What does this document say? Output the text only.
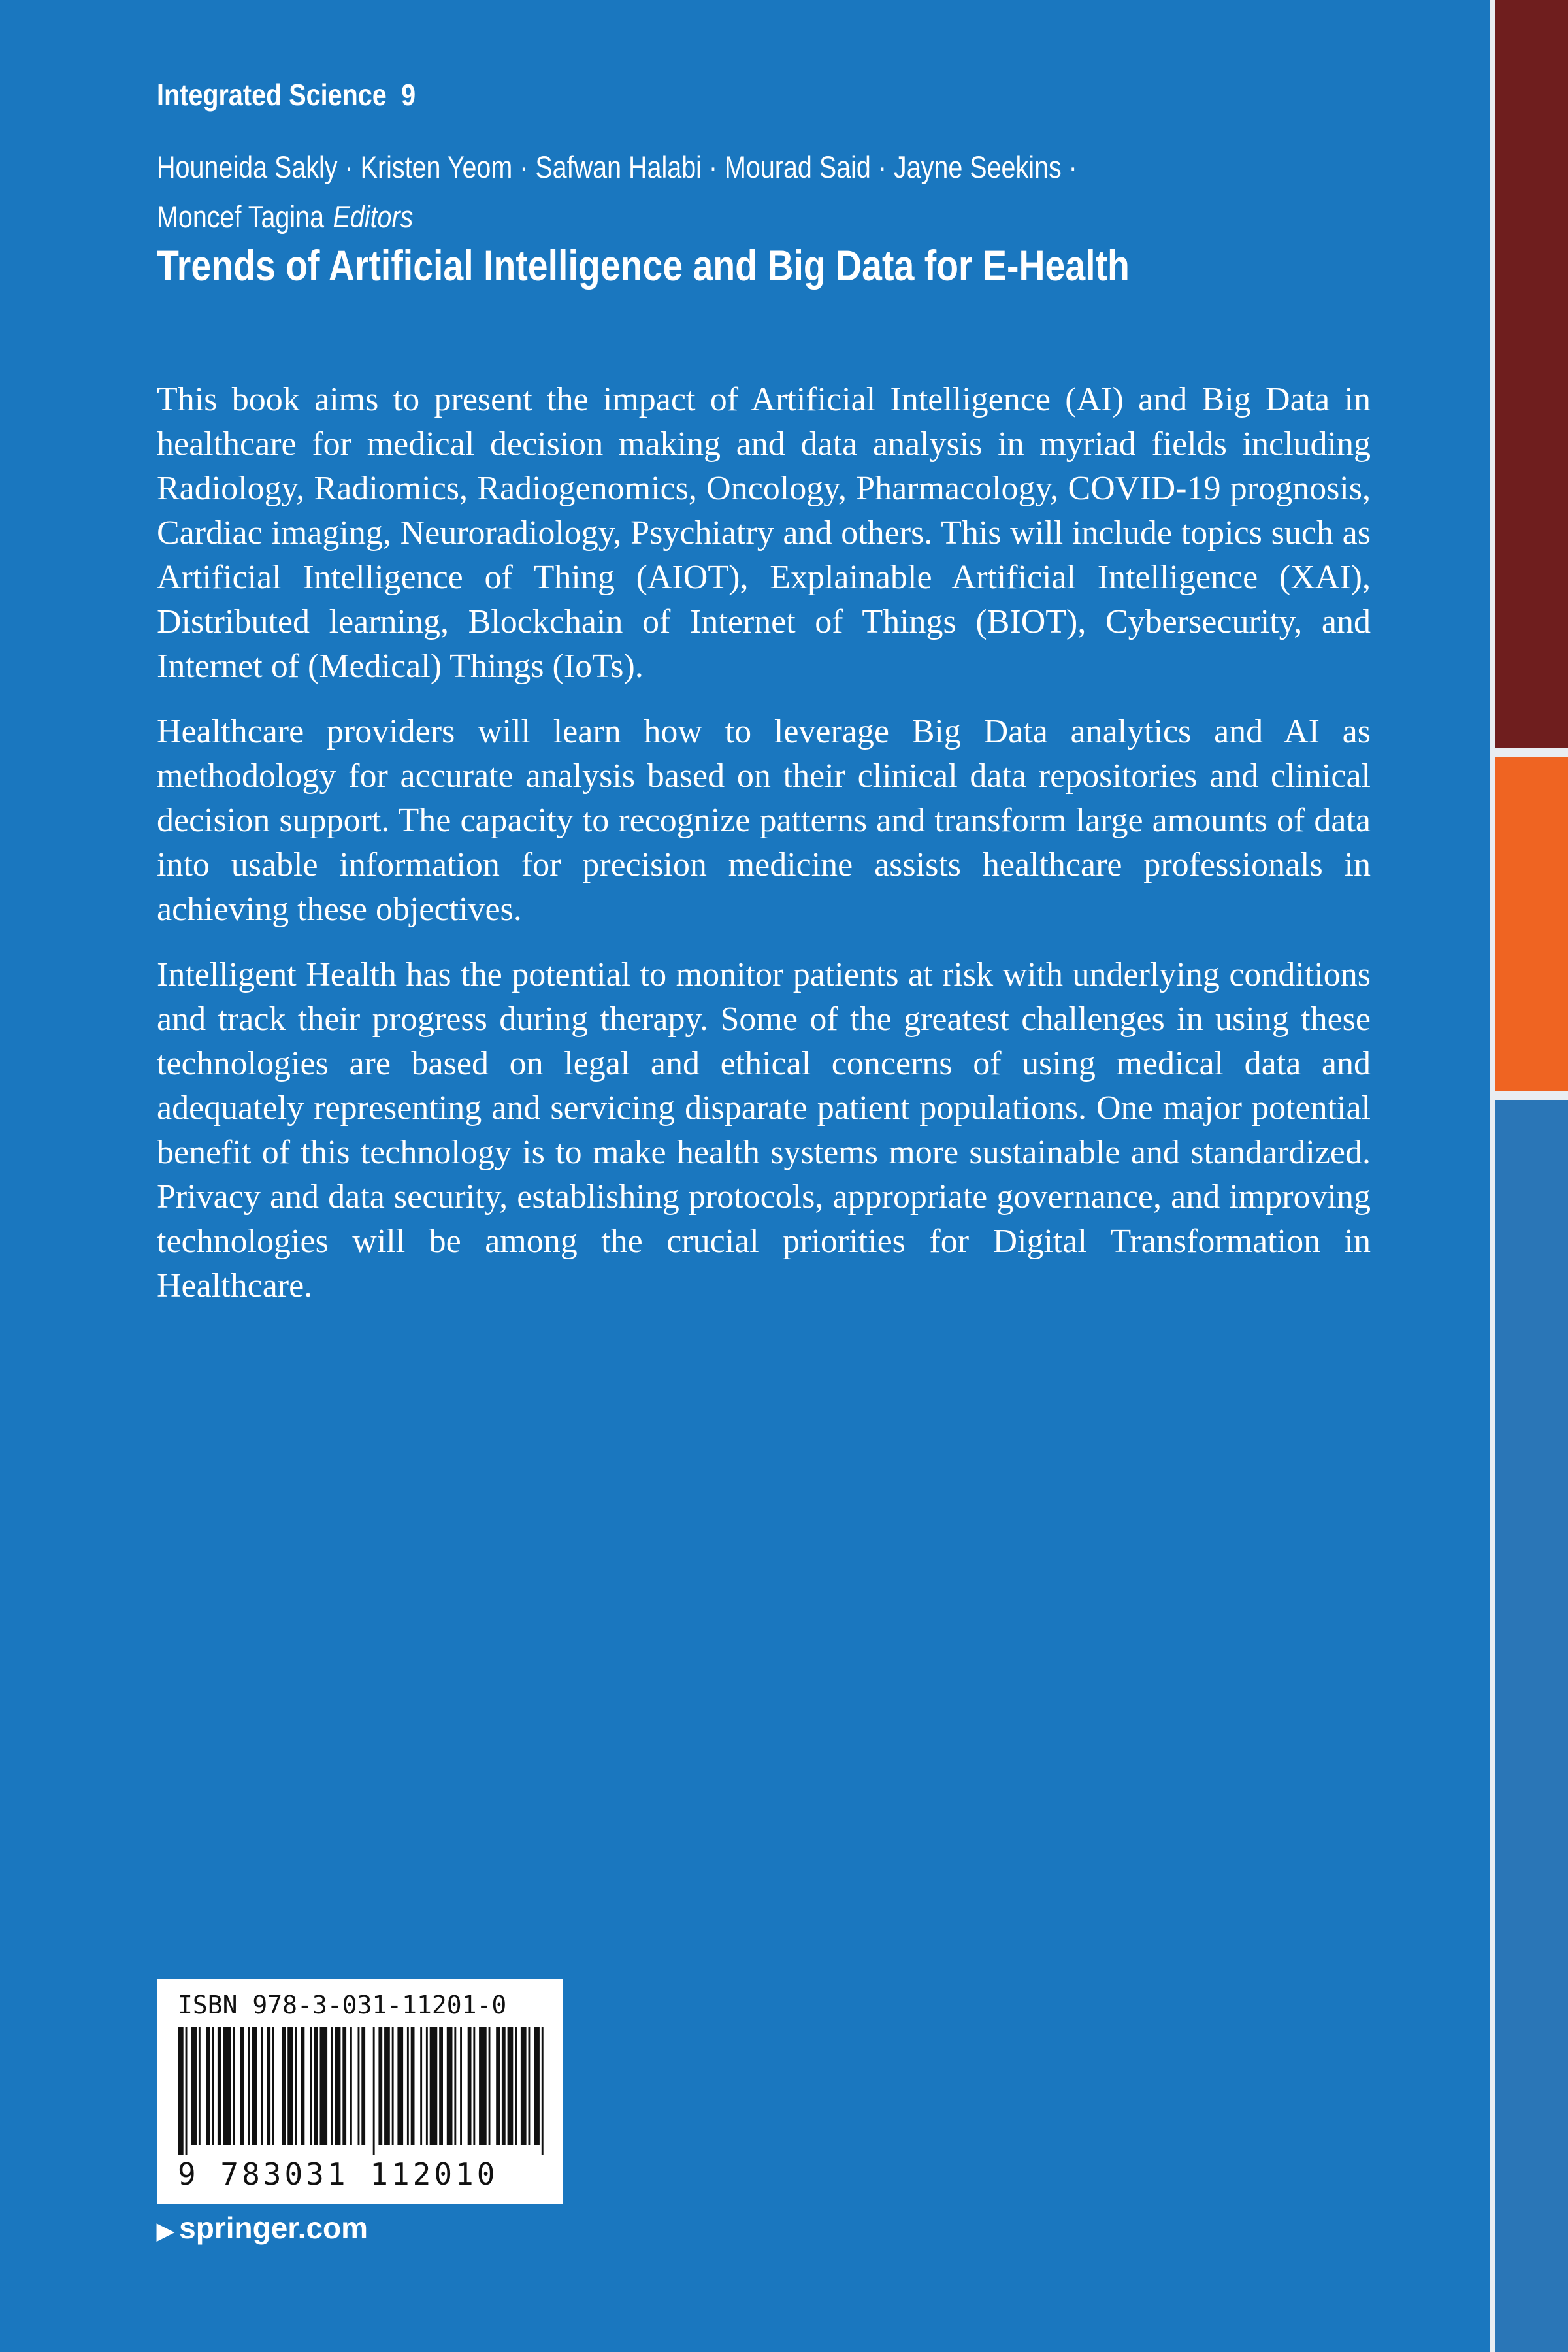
Integrated Science 9
Houneida Sakly · Kristen Yeom · Safwan Halabi · Mourad Said · Jayne Seekins ·
Moncef Tagina Editors
Trends of Artificial Intelligence and Big Data for E-Health

This book aims to present the impact of Artificial Intelligence (AI) and Big Data in healthcare for medical decision making and data analysis in myriad fields including Radiology, Radiomics, Radiogenomics, Oncology, Pharmacology, COVID-19 prognosis, Cardiac imaging, Neuroradiology, Psychiatry and others. This will include topics such as Artificial Intelligence of Thing (AIOT), Explainable Artificial Intelligence (XAI), Distributed learning, Blockchain of Internet of Things (BIOT), Cybersecurity, and Internet of (Medical) Things (IoTs).

Healthcare providers will learn how to leverage Big Data analytics and AI as methodology for accurate analysis based on their clinical data repositories and clinical decision support. The capacity to recognize patterns and transform large amounts of data into usable information for precision medicine assists healthcare professionals in achieving these objectives.

Intelligent Health has the potential to monitor patients at risk with underlying conditions and track their progress during therapy. Some of the greatest challenges in using these technologies are based on legal and ethical concerns of using medical data and adequately representing and servicing disparate patient populations. One major potential benefit of this technology is to make health systems more sustainable and standardized. Privacy and data security, establishing protocols, appropriate governance, and improving technologies will be among the crucial priorities for Digital Transformation in Healthcare.

ISBN 978-3-031-11201-0
9 783031 112010
▶ springer.com
